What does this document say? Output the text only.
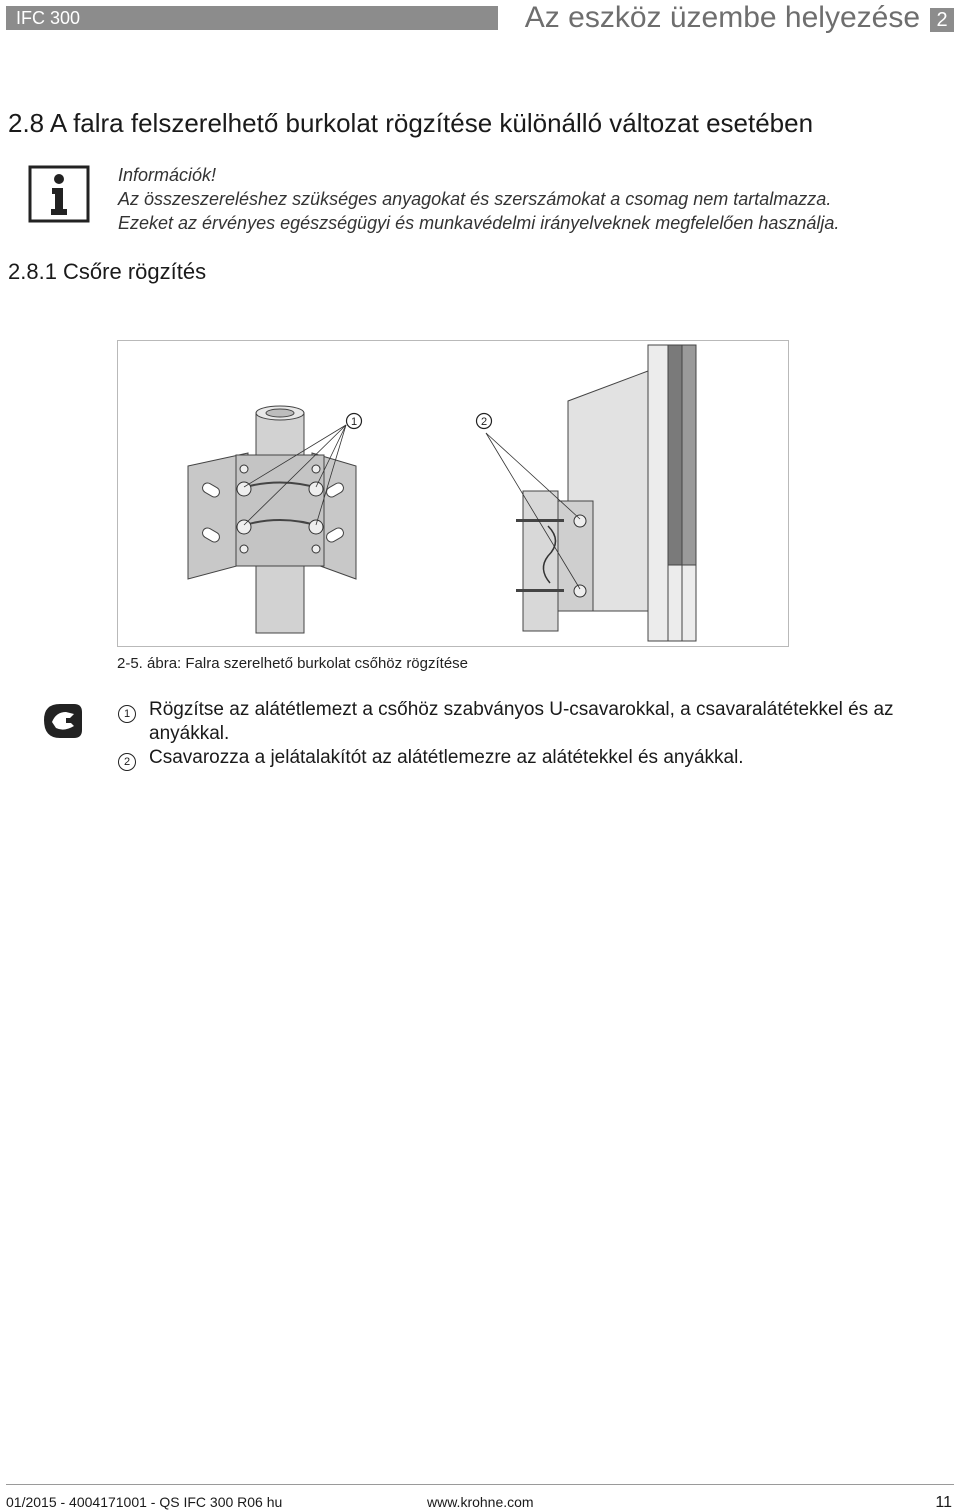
IFC 300	Az eszköz üzembe helyezése 2
2.8 A falra felszerelhető burkolat rögzítése különálló változat esetében
Információk!
Az összeszereléshez szükséges anyagokat és szerszámokat a csomag nem tartalmazza.
Ezeket az érvényes egészségügyi és munkavédelmi irányelveknek megfelelően használja.
2.8.1 Csőre rögzítés
1	2
2-5. ábra: Falra szerelhető burkolat csőhöz rögzítése
1 Rögzítse az alátétlemezt a csőhöz szabványos U-csavarokkal, a csavaralátétekkel és az anyákkal.
2 Csavarozza a jelátalakítót az alátétlemezre az alátétekkel és anyákkal.
01/2015 - 4004171001 - QS IFC 300 R06 hu	www.krohne.com	11
